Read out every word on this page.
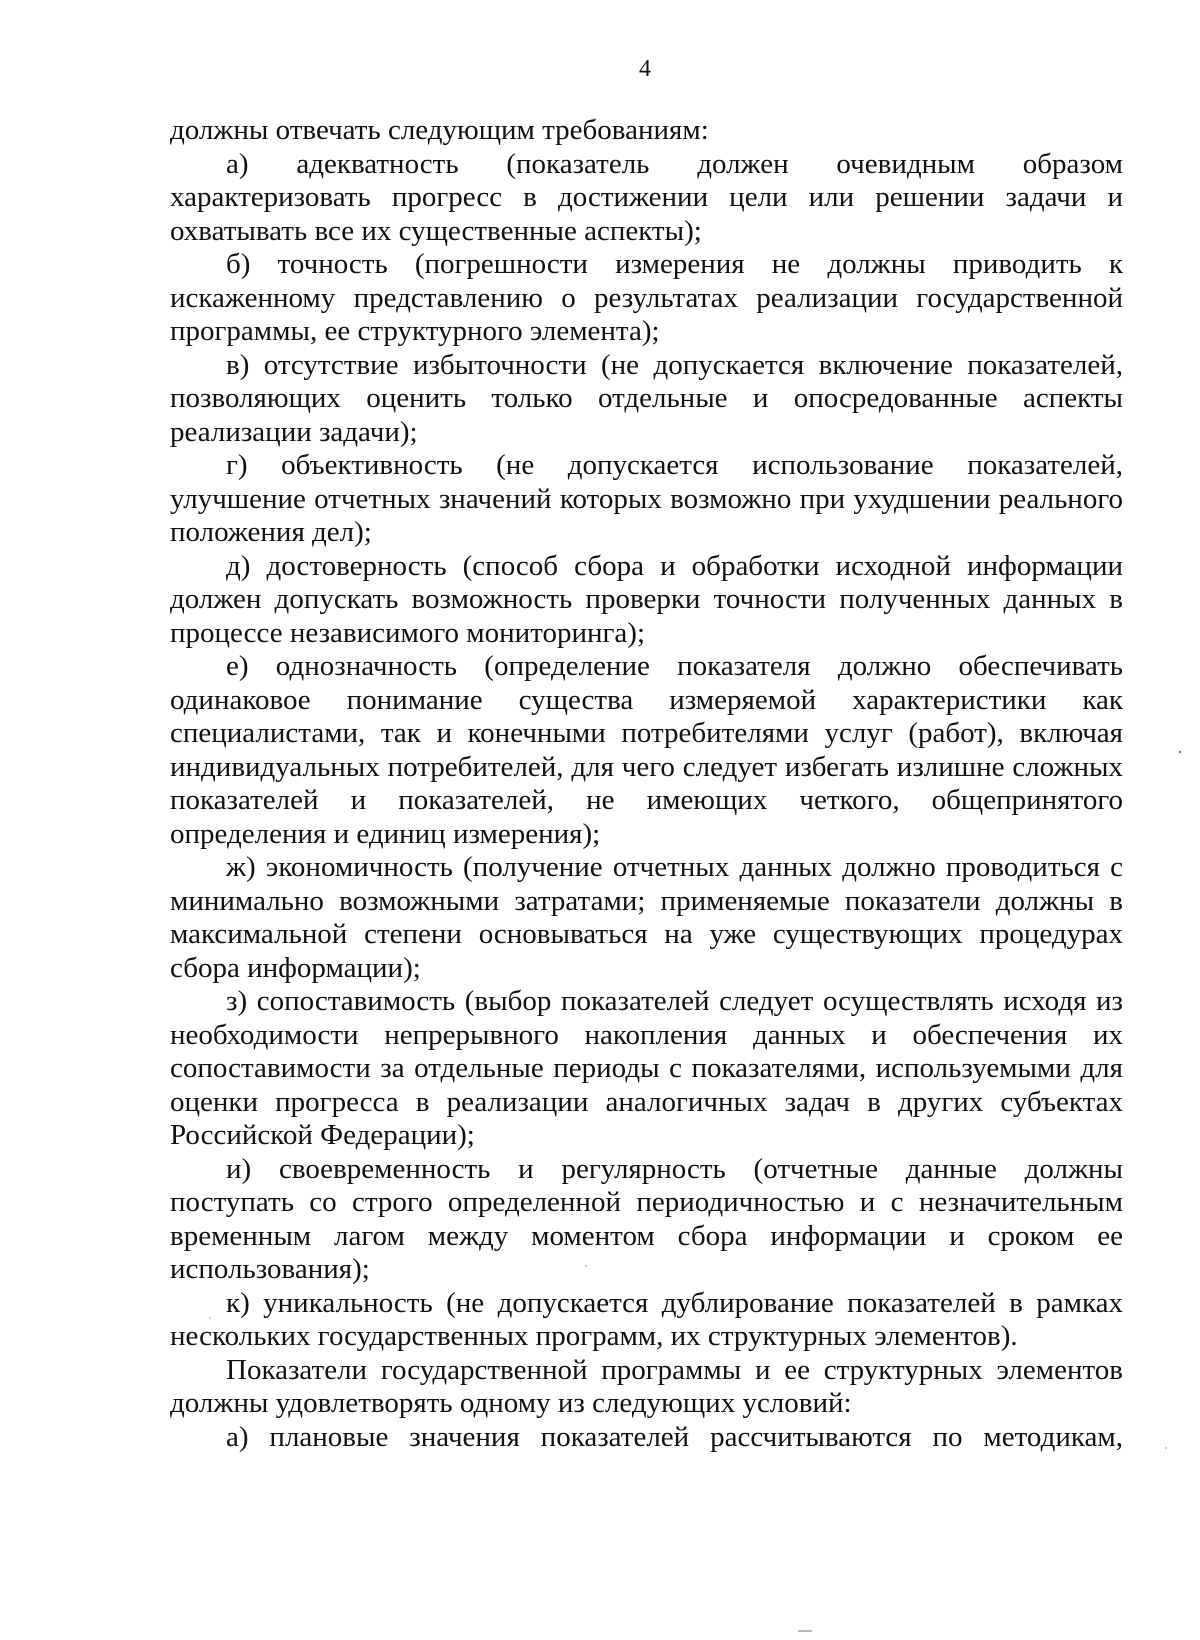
4

должны отвечать следующим требованиям:

а) адекватность (показатель должен очевидным образом характеризовать прогресс в достижении цели или решении задачи и охватывать все их существенные аспекты);

б) точность (погрешности измерения не должны приводить к искаженному представлению о результатах реализации государственной программы, ее структурного элемента);

в) отсутствие избыточности (не допускается включение показателей, позволяющих оценить только отдельные и опосредованные аспекты реализации задачи);

г) объективность (не допускается использование показателей, улучшение отчетных значений которых возможно при ухудшении реального положения дел);

д) достоверность (способ сбора и обработки исходной информации должен допускать возможность проверки точности полученных данных в процессе независимого мониторинга);

е) однозначность (определение показателя должно обеспечивать одинаковое понимание существа измеряемой характеристики как специалистами, так и конечными потребителями услуг (работ), включая индивидуальных потребителей, для чего следует избегать излишне сложных показателей и показателей, не имеющих четкого, общепринятого определения и единиц измерения);

ж) экономичность (получение отчетных данных должно проводиться с минимально возможными затратами; применяемые показатели должны в максимальной степени основываться на уже существующих процедурах сбора информации);

з) сопоставимость (выбор показателей следует осуществлять исходя из необходимости непрерывного накопления данных и обеспечения их сопоставимости за отдельные периоды с показателями, используемыми для оценки прогресса в реализации аналогичных задач в других субъектах Российской Федерации);

и) своевременность и регулярность (отчетные данные должны поступать со строго определенной периодичностью и с незначительным временным лагом между моментом сбора информации и сроком ее использования);

к) уникальность (не допускается дублирование показателей в рамках нескольких государственных программ, их структурных элементов).

Показатели государственной программы и ее структурных элементов должны удовлетворять одному из следующих условий:

а) плановые значения показателей рассчитываются по методикам,
